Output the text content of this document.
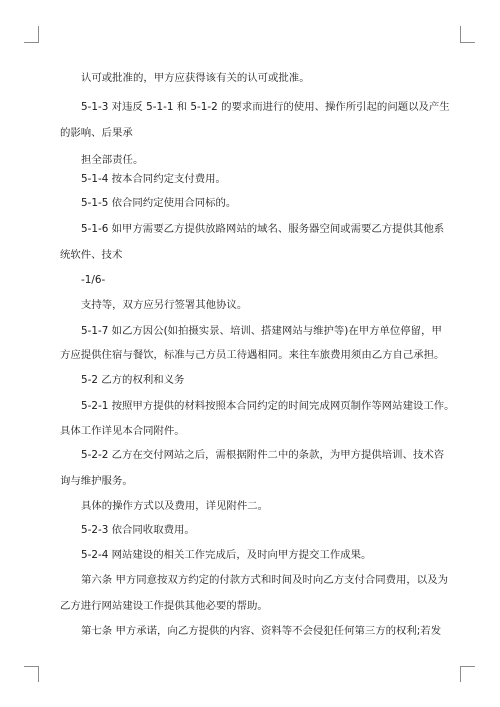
认可或批准的，甲方应获得该有关的认可或批准。
5-1-3 对违反 5-1-1 和 5-1-2 的要求而进行的使用、操作所引起的问题以及产生
的影响、后果承
担全部责任。
5-1-4 按本合同约定支付费用。
5-1-5 依合同约定使用合同标的。
5-1-6 如甲方需要乙方提供放路网站的域名、服务器空间或需要乙方提供其他系
统软件、技术
-1/6-
支持等，双方应另行签署其他协议。
5-1-7 如乙方因公(如拍摄实景、培训、搭建网站与维护等)在甲方单位停留，甲
方应提供住宿与餐饮，标准与己方员工待遇相同。来往车旅费用须由乙方自己承担。
5-2 乙方的权利和义务
5-2-1 按照甲方提供的材料按照本合同约定的时间完成网页制作等网站建设工作。
具体工作详见本合同附件。
5-2-2 乙方在交付网站之后，需根据附件二中的条款，为甲方提供培训、技术咨
询与维护服务。
具体的操作方式以及费用，详见附件二。
5-2-3 依合同收取费用。
5-2-4 网站建设的相关工作完成后，及时向甲方提交工作成果。
第六条 甲方同意按双方约定的付款方式和时间及时向乙方支付合同费用，以及为
乙方进行网站建设工作提供其他必要的帮助。
第七条 甲方承诺，向乙方提供的内容、资料等不会侵犯任何第三方的权利;若发
